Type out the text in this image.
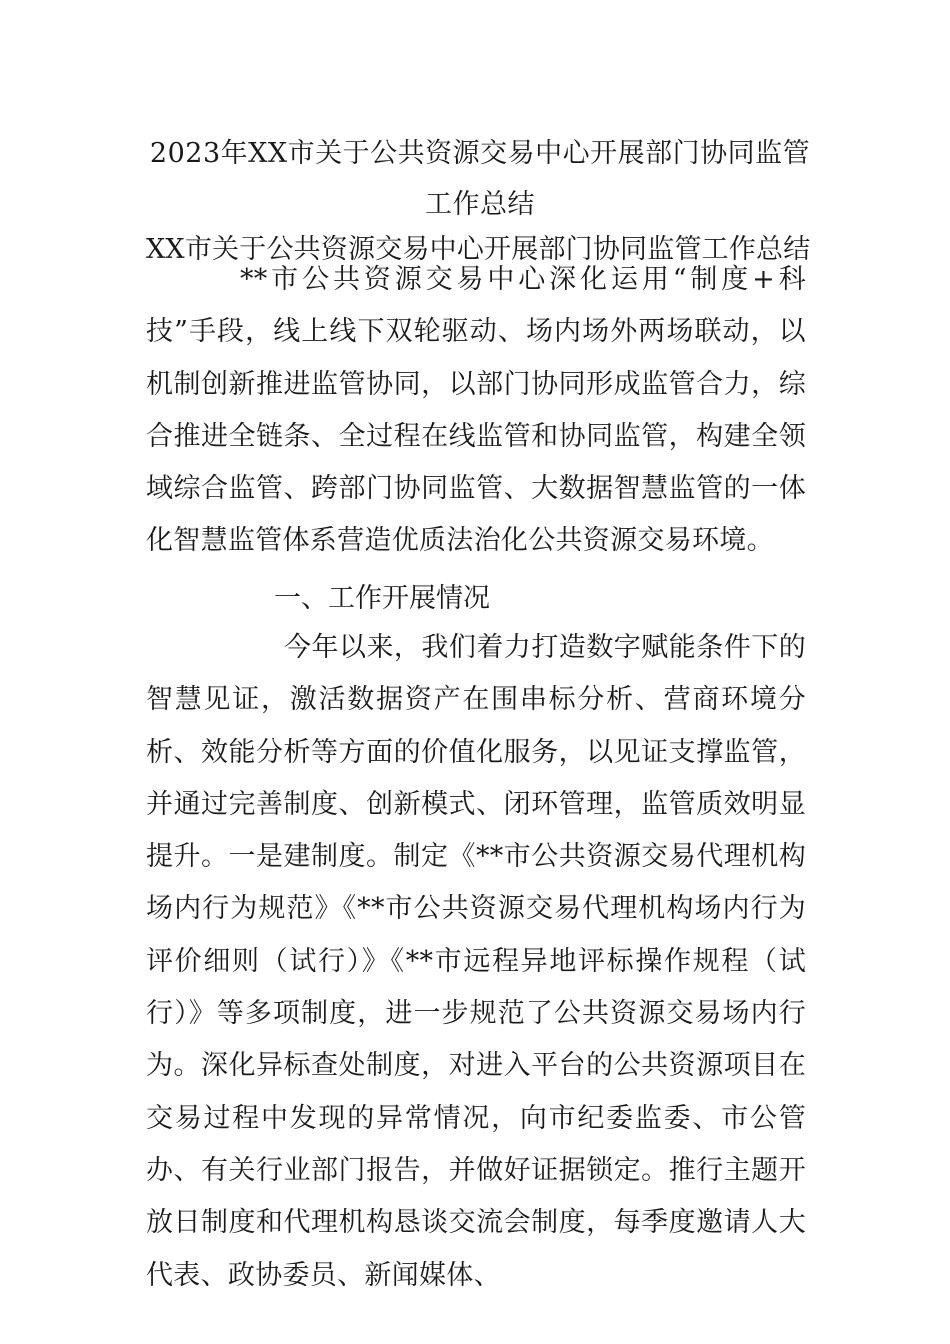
2023年XX市关于公共资源交易中心开展部门协同监管工作总结

XX市关于公共资源交易中心开展部门协同监管工作总结

**市公共资源交易中心深化运用“制度+科技”手段，线上线下双轮驱动、场内场外两场联动，以机制创新推进监管协同，以部门协同形成监管合力，综合推进全链条、全过程在线监管和协同监管，构建全领域综合监管、跨部门协同监管、大数据智慧监管的一体化智慧监管体系营造优质法治化公共资源交易环境。

一、工作开展情况

今年以来，我们着力打造数字赋能条件下的智慧见证，激活数据资产在围串标分析、营商环境分析、效能分析等方面的价值化服务，以见证支撑监管，并通过完善制度、创新模式、闭环管理，监管质效明显提升。一是建制度。制定《**市公共资源交易代理机构场内行为规范》《**市公共资源交易代理机构场内行为评价细则（试行）》《**市远程异地评标操作规程（试行）》等多项制度，进一步规范了公共资源交易场内行为。深化异标查处制度，对进入平台的公共资源项目在交易过程中发现的异常情况，向市纪委监委、市公管办、有关行业部门报告，并做好证据锁定。推行主题开放日制度和代理机构恳谈交流会制度，每季度邀请人大代表、政协委员、新闻媒体、
